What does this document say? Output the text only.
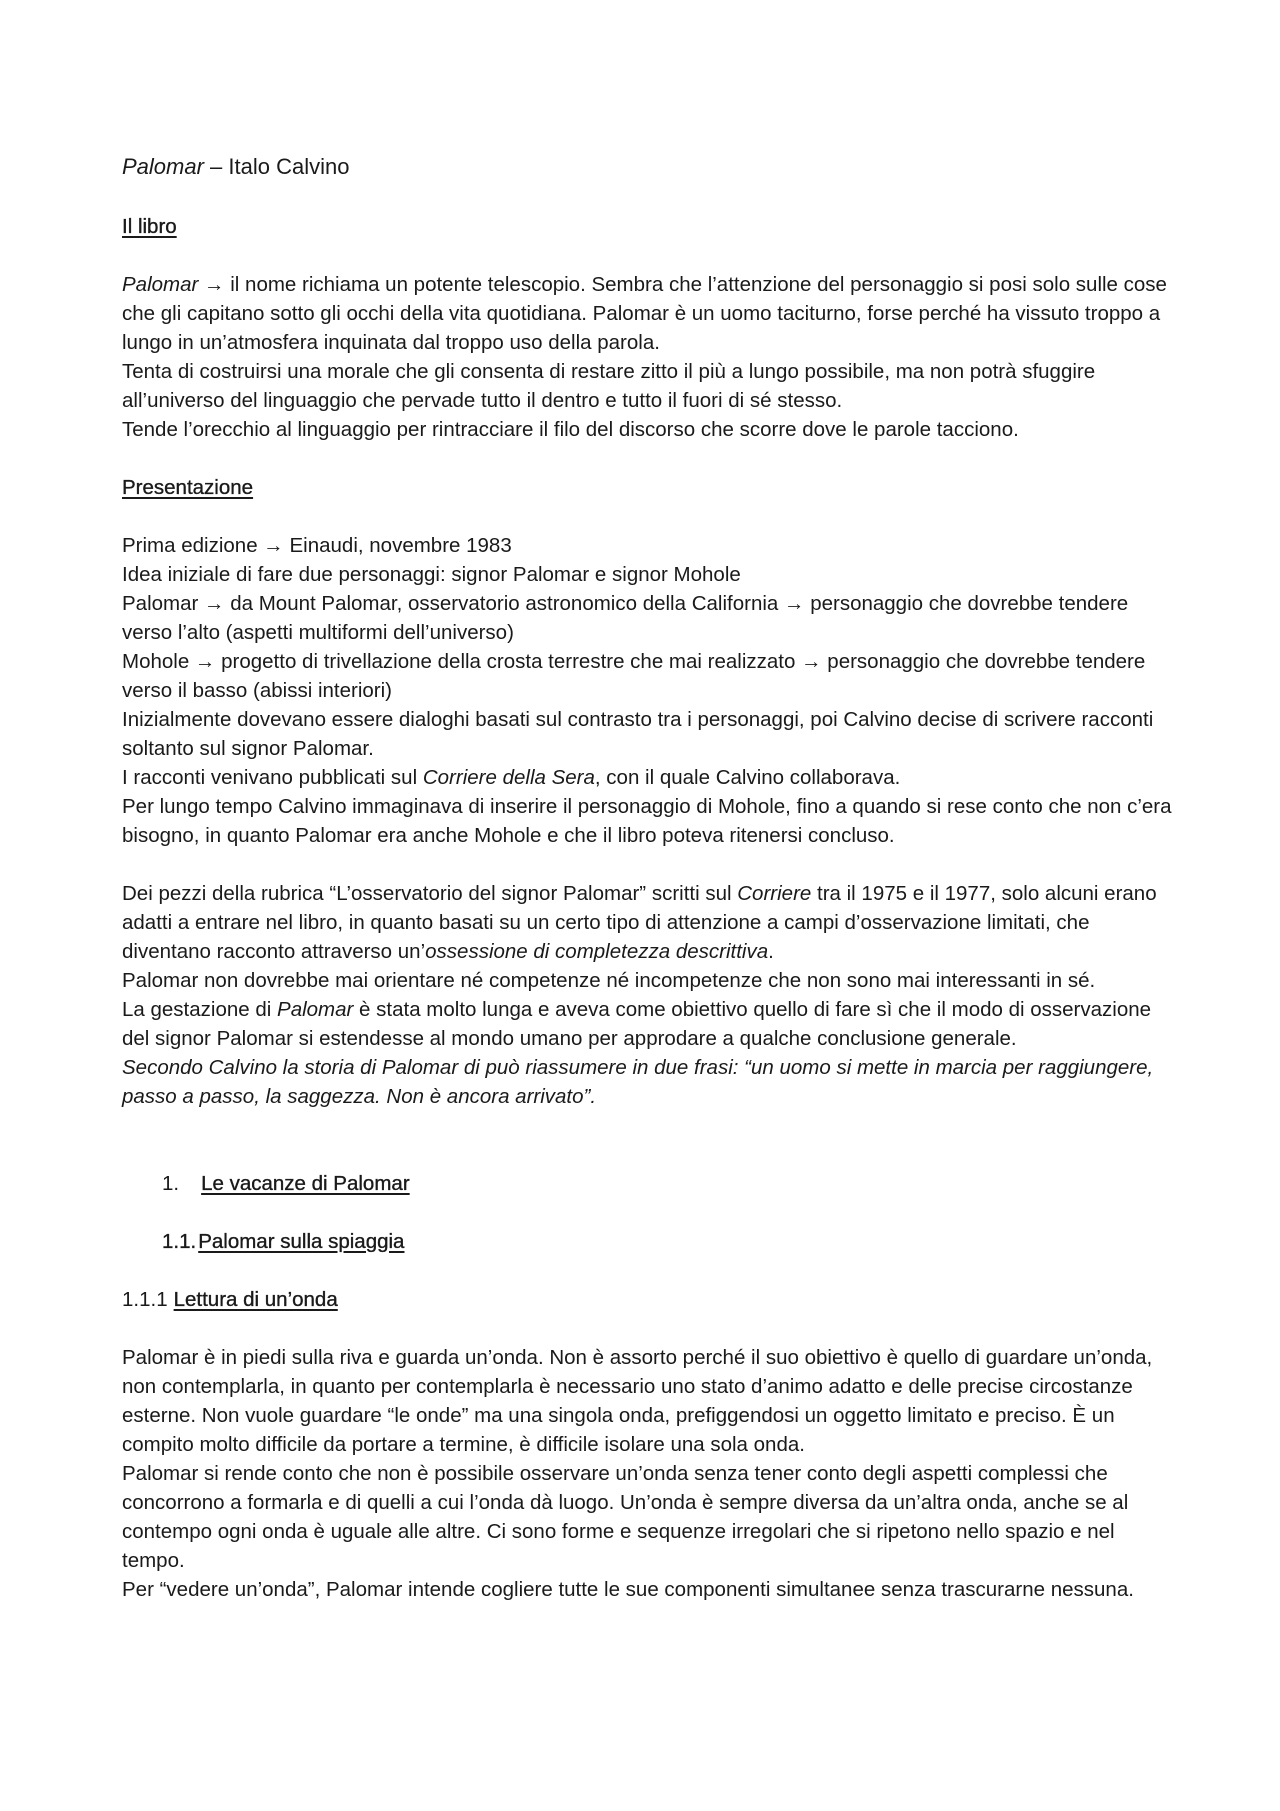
Palomar – Italo Calvino

Il libro

Palomar → il nome richiama un potente telescopio. Sembra che l’attenzione del personaggio si posi solo sulle cose che gli capitano sotto gli occhi della vita quotidiana. Palomar è un uomo taciturno, forse perché ha vissuto troppo a lungo in un’atmosfera inquinata dal troppo uso della parola.

Tenta di costruirsi una morale che gli consenta di restare zitto il più a lungo possibile, ma non potrà sfuggire all’universo del linguaggio che pervade tutto il dentro e tutto il fuori di sé stesso.

Tende l’orecchio al linguaggio per rintracciare il filo del discorso che scorre dove le parole tacciono.

Presentazione

Prima edizione → Einaudi, novembre 1983

Idea iniziale di fare due personaggi: signor Palomar e signor Mohole

Palomar → da Mount Palomar, osservatorio astronomico della California → personaggio che dovrebbe tendere verso l’alto (aspetti multiformi dell’universo)

Mohole → progetto di trivellazione della crosta terrestre che mai realizzato → personaggio che dovrebbe tendere verso il basso (abissi interiori)

Inizialmente dovevano essere dialoghi basati sul contrasto tra i personaggi, poi Calvino decise di scrivere racconti soltanto sul signor Palomar.

I racconti venivano pubblicati sul Corriere della Sera, con il quale Calvino collaborava.

Per lungo tempo Calvino immaginava di inserire il personaggio di Mohole, fino a quando si rese conto che non c’era bisogno, in quanto Palomar era anche Mohole e che il libro poteva ritenersi concluso.

Dei pezzi della rubrica “L’osservatorio del signor Palomar” scritti sul Corriere tra il 1975 e il 1977, solo alcuni erano adatti a entrare nel libro, in quanto basati su un certo tipo di attenzione a campi d’osservazione limitati, che diventano racconto attraverso un’ossessione di completezza descrittiva.

Palomar non dovrebbe mai orientare né competenze né incompetenze che non sono mai interessanti in sé.

La gestazione di Palomar è stata molto lunga e aveva come obiettivo quello di fare sì che il modo di osservazione del signor Palomar si estendesse al mondo umano per approdare a qualche conclusione generale.

Secondo Calvino la storia di Palomar di può riassumere in due frasi: “un uomo si mette in marcia per raggiungere, passo a passo, la saggezza. Non è ancora arrivato”.

1. Le vacanze di Palomar
1.1. Palomar sulla spiaggia
1.1.1 Lettura di un’onda

Palomar è in piedi sulla riva e guarda un’onda. Non è assorto perché il suo obiettivo è quello di guardare un’onda, non contemplarla, in quanto per contemplarla è necessario uno stato d’animo adatto e delle precise circostanze esterne. Non vuole guardare “le onde” ma una singola onda, prefiggendosi un oggetto limitato e preciso. È un compito molto difficile da portare a termine, è difficile isolare una sola onda.

Palomar si rende conto che non è possibile osservare un’onda senza tener conto degli aspetti complessi che concorrono a formarla e di quelli a cui l’onda dà luogo. Un’onda è sempre diversa da un’altra onda, anche se al contempo ogni onda è uguale alle altre. Ci sono forme e sequenze irregolari che si ripetono nello spazio e nel tempo.

Per “vedere un’onda”, Palomar intende cogliere tutte le sue componenti simultanee senza trascurarne nessuna.
